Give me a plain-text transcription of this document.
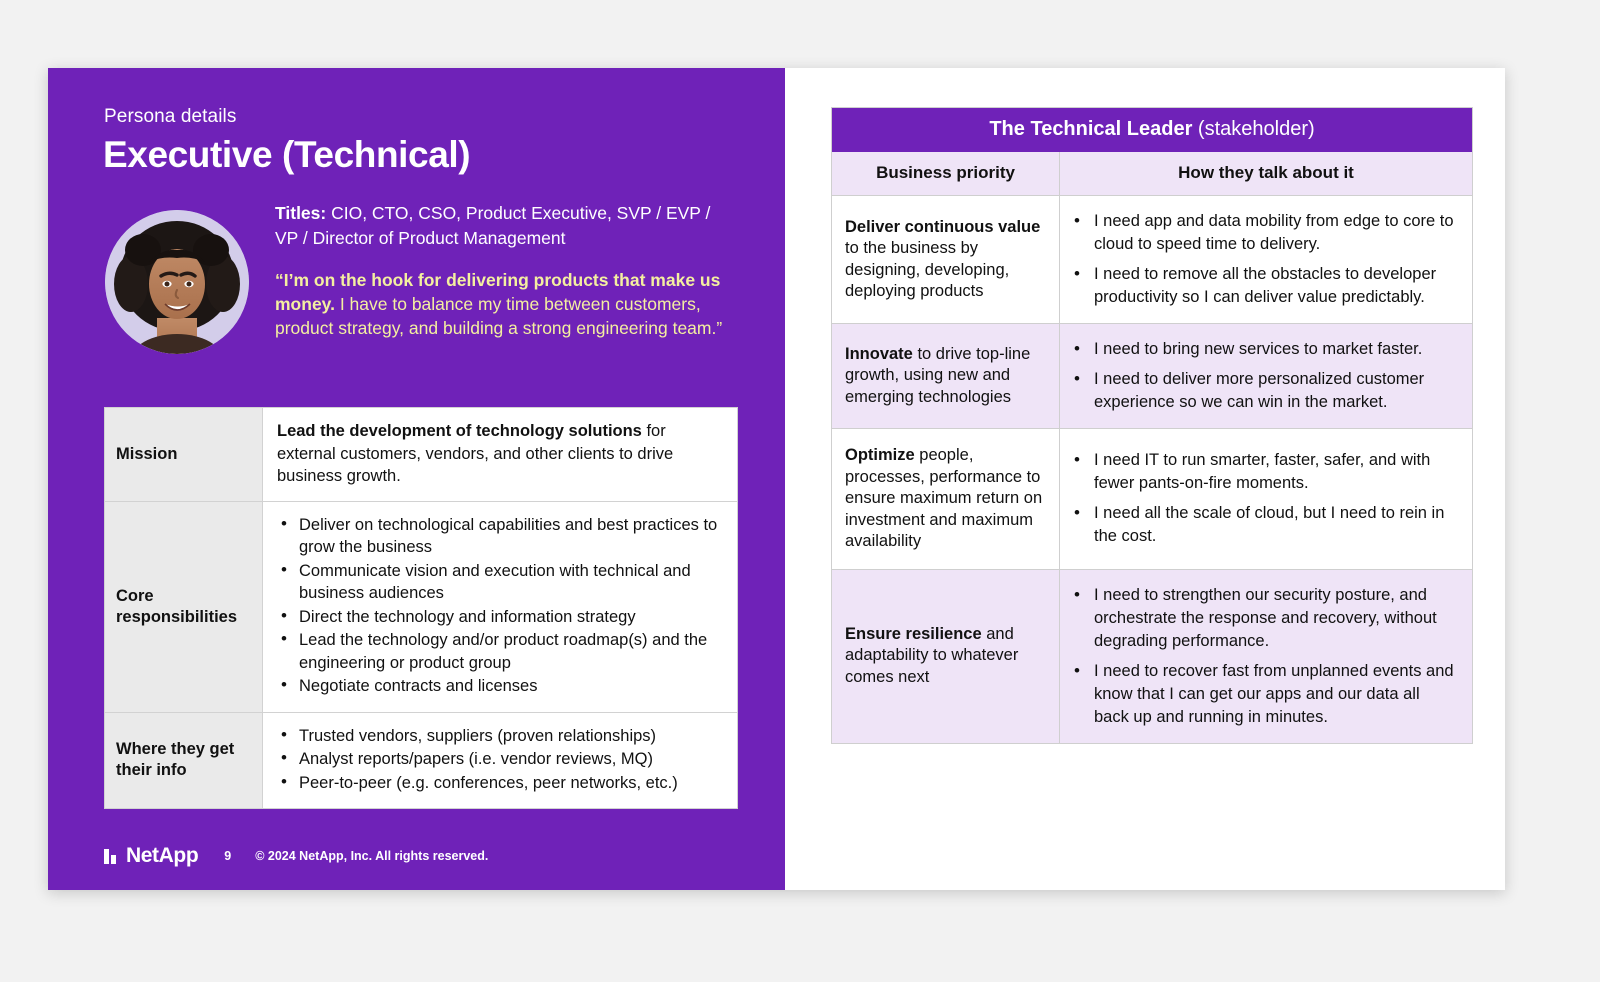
Persona details
Executive (Technical)
Titles: CIO, CTO, CSO, Product Executive, SVP / EVP / VP / Director of Product Management
“I’m on the hook for delivering products that make us money. I have to balance my time between customers, product strategy, and building a strong engineering team.”
Mission
Lead the development of technology solutions for external customers, vendors, and other clients to drive business growth.
Core responsibilities
• Deliver on technological capabilities and best practices to grow the business
• Communicate vision and execution with technical and business audiences
• Direct the technology and information strategy
• Lead the technology and/or product roadmap(s) and the engineering or product group
• Negotiate contracts and licenses
Where they get their info
• Trusted vendors, suppliers (proven relationships)
• Analyst reports/papers (i.e. vendor reviews, MQ)
• Peer-to-peer (e.g. conferences, peer networks, etc.)
NetApp 9 © 2024 NetApp, Inc. All rights reserved.
The Technical Leader (stakeholder)
Business priority	How they talk about it
Deliver continuous value to the business by designing, developing, deploying products
• I need app and data mobility from edge to core to cloud to speed time to delivery.
• I need to remove all the obstacles to developer productivity so I can deliver value predictably.
Innovate to drive top-line growth, using new and emerging technologies
• I need to bring new services to market faster.
• I need to deliver more personalized customer experience so we can win in the market.
Optimize people, processes, performance to ensure maximum return on investment and maximum availability
• I need IT to run smarter, faster, safer, and with fewer pants-on-fire moments.
• I need all the scale of cloud, but I need to rein in the cost.
Ensure resilience and adaptability to whatever comes next
• I need to strengthen our security posture, and orchestrate the response and recovery, without degrading performance.
• I need to recover fast from unplanned events and know that I can get our apps and our data all back up and running in minutes.
